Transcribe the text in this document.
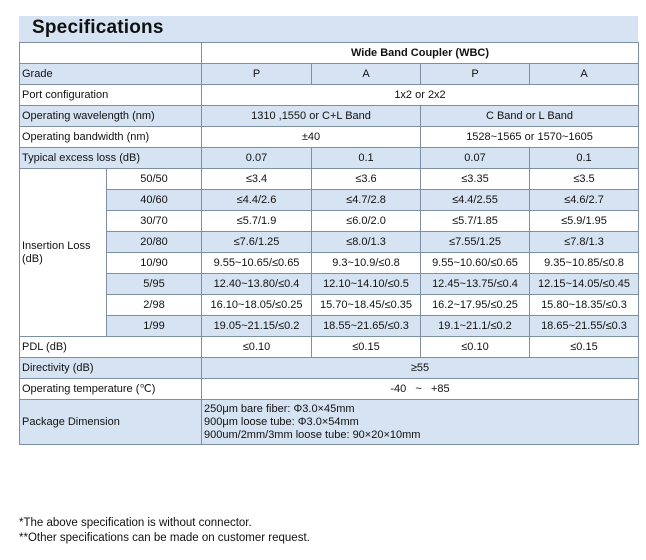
Specifications
		Wide Band Coupler (WBC)			
Grade		P	A	P	A
Port configuration		1x2 or 2x2			
Operating wavelength (nm)		1310 ,1550 or C+L Band		C Band or L Band	
Operating bandwidth (nm)		±40		1528~1565 or 1570~1605	
Typical excess loss (dB)		0.07	0.1	0.07	0.1
Insertion Loss (dB)	50/50	≤3.4	≤3.6	≤3.35	≤3.5
	40/60	≤4.4/2.6	≤4.7/2.8	≤4.4/2.55	≤4.6/2.7
	30/70	≤5.7/1.9	≤6.0/2.0	≤5.7/1.85	≤5.9/1.95
	20/80	≤7.6/1.25	≤8.0/1.3	≤7.55/1.25	≤7.8/1.3
	10/90	9.55~10.65/≤0.65	9.3~10.9/≤0.8	9.55~10.60/≤0.65	9.35~10.85/≤0.8
	5/95	12.40~13.80/≤0.4	12.10~14.10/≤0.5	12.45~13.75/≤0.4	12.15~14.05/≤0.45
	2/98	16.10~18.05/≤0.25	15.70~18.45/≤0.35	16.2~17.95/≤0.25	15.80~18.35/≤0.3
	1/99	19.05~21.15/≤0.2	18.55~21.65/≤0.3	19.1~21.1/≤0.2	18.65~21.55/≤0.3
PDL (dB)		≤0.10	≤0.15	≤0.10	≤0.15
Directivity (dB)		≥55			
Operating temperature (℃)		-40   ~   +85			
Package Dimension		250μm bare fiber: Φ3.0×45mm
900μm loose tube: Φ3.0×54mm
900um/2mm/3mm loose tube: 90×20×10mm			
*The above specification is without connector.
**Other specifications can be made on customer request.
